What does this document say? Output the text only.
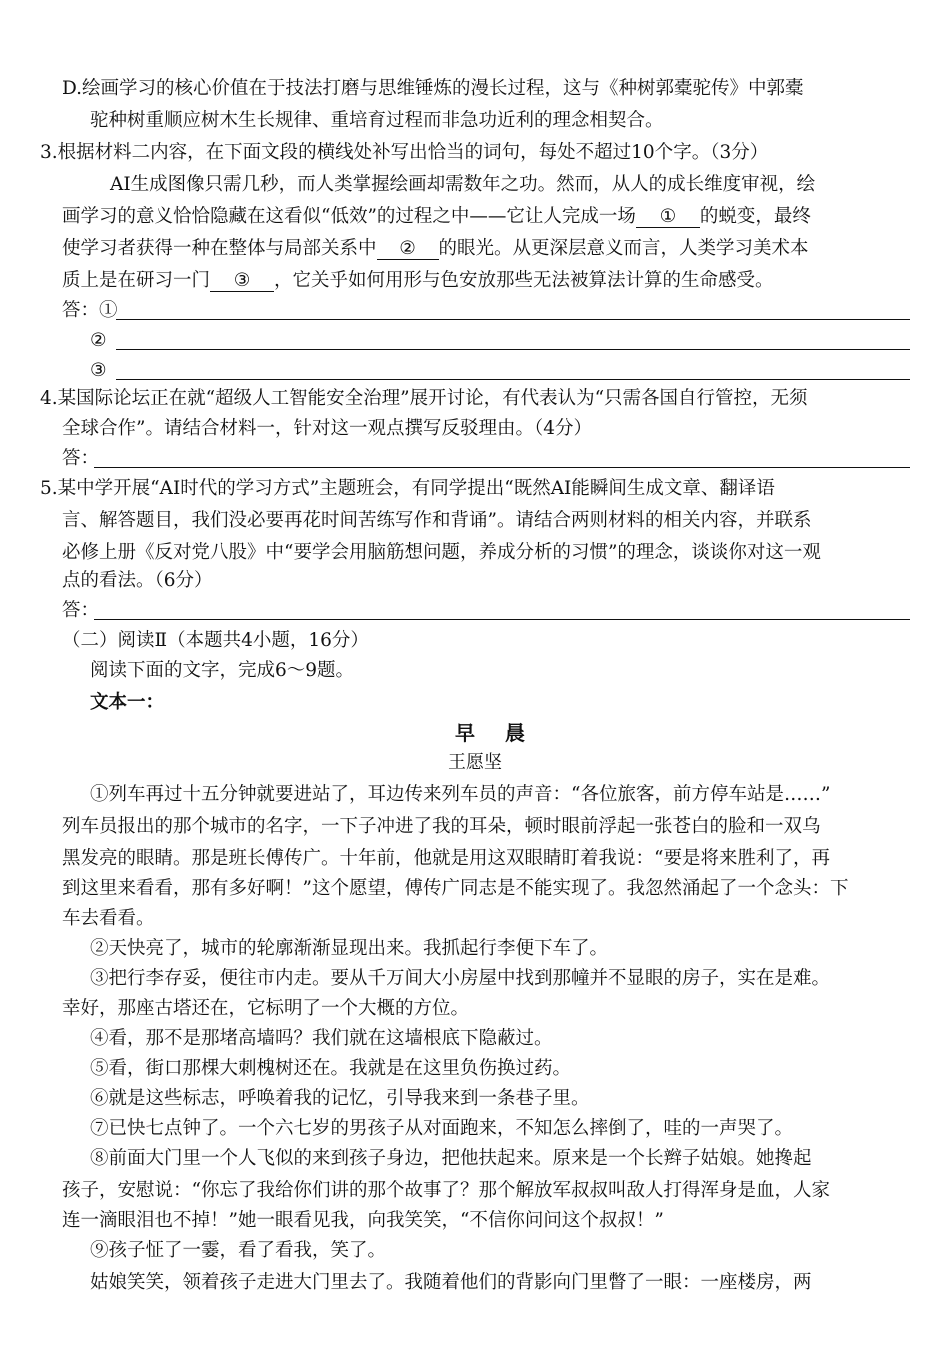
D.绘画学习的核心价值在于技法打磨与思维锤炼的漫长过程，这与《种树郭橐驼传》中郭橐
驼种树重顺应树木生长规律、重培育过程而非急功近利的理念相契合。
3.根据材料二内容，在下面文段的横线处补写出恰当的词句，每处不超过10个字。（3分）
AI生成图像只需几秒，而人类掌握绘画却需数年之功。然而，从人的成长维度审视，绘
画学习的意义恰恰隐藏在这看似“低效”的过程之中——它让人完成一场 ① 的蜕变，最终
使学习者获得一种在整体与局部关系中 ② 的眼光。从更深层意义而言，人类学习美术本
质上是在研习一门 ③ ，它关乎如何用形与色安放那些无法被算法计算的生命感受。
答：①
②
③
4.某国际论坛正在就“超级人工智能安全治理”展开讨论，有代表认为“只需各国自行管控，无须
全球合作”。请结合材料一，针对这一观点撰写反驳理由。（4分）
答：
5.某中学开展“AI时代的学习方式”主题班会，有同学提出“既然AI能瞬间生成文章、翻译语
言、解答题目，我们没必要再花时间苦练写作和背诵”。请结合两则材料的相关内容，并联系
必修上册《反对党八股》中“要学会用脑筋想问题，养成分析的习惯”的理念，谈谈你对这一观
点的看法。（6分）
答：
（二）阅读Ⅱ（本题共4小题，16分）
阅读下面的文字，完成6～9题。
文本一：
早晨
王愿坚
①列车再过十五分钟就要进站了，耳边传来列车员的声音：“各位旅客，前方停车站是……”
列车员报出的那个城市的名字，一下子冲进了我的耳朵，顿时眼前浮起一张苍白的脸和一双乌
黑发亮的眼睛。那是班长傅传广。十年前，他就是用这双眼睛盯着我说：“要是将来胜利了，再
到这里来看看，那有多好啊！”这个愿望，傅传广同志是不能实现了。我忽然涌起了一个念头：下
车去看看。
②天快亮了，城市的轮廓渐渐显现出来。我抓起行李便下车了。
③把行李存妥，便往市内走。要从千万间大小房屋中找到那幢并不显眼的房子，实在是难。
幸好，那座古塔还在，它标明了一个大概的方位。
④看，那不是那堵高墙吗？我们就在这墙根底下隐蔽过。
⑤看，街口那棵大刺槐树还在。我就是在这里负伤换过药。
⑥就是这些标志，呼唤着我的记忆，引导我来到一条巷子里。
⑦已快七点钟了。一个六七岁的男孩子从对面跑来，不知怎么摔倒了，哇的一声哭了。
⑧前面大门里一个人飞似的来到孩子身边，把他扶起来。原来是一个长辫子姑娘。她搀起
孩子，安慰说：“你忘了我给你们讲的那个故事了？那个解放军叔叔叫敌人打得浑身是血，人家
连一滴眼泪也不掉！”她一眼看见我，向我笑笑，“不信你问问这个叔叔！”
⑨孩子怔了一霎，看了看我，笑了。
姑娘笑笑，领着孩子走进大门里去了。我随着他们的背影向门里瞥了一眼：一座楼房，两
